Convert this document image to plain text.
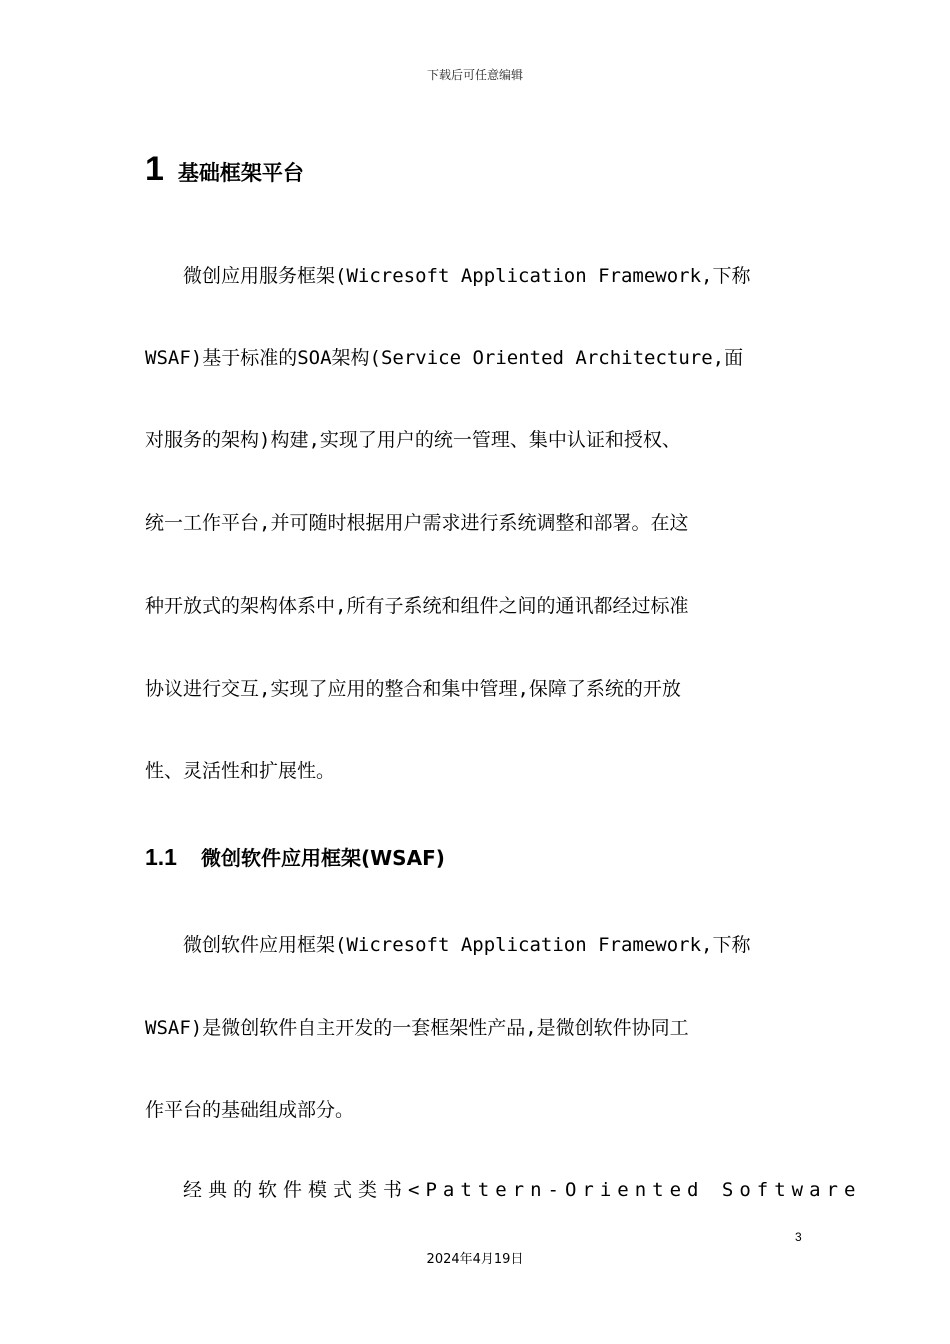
下载后可任意编辑
1 基础框架平台
微创应用服务框架(Wicresoft Application Framework,下称
WSAF)基于标准的SOA架构(Service Oriented Architecture,面
对服务的架构)构建,实现了用户的统一管理、集中认证和授权、
统一工作平台,并可随时根据用户需求进行系统调整和部署。在这
种开放式的架构体系中,所有子系统和组件之间的通讯都经过标准
协议进行交互,实现了应用的整合和集中管理,保障了系统的开放
性、灵活性和扩展性。
1.1 微创软件应用框架(WSAF)
微创软件应用框架(Wicresoft Application Framework,下称
WSAF)是微创软件自主开发的一套框架性产品,是微创软件协同工
作平台的基础组成部分。
经典的软件模式类书<Pattern-Oriented Software
3
2024年4月19日
